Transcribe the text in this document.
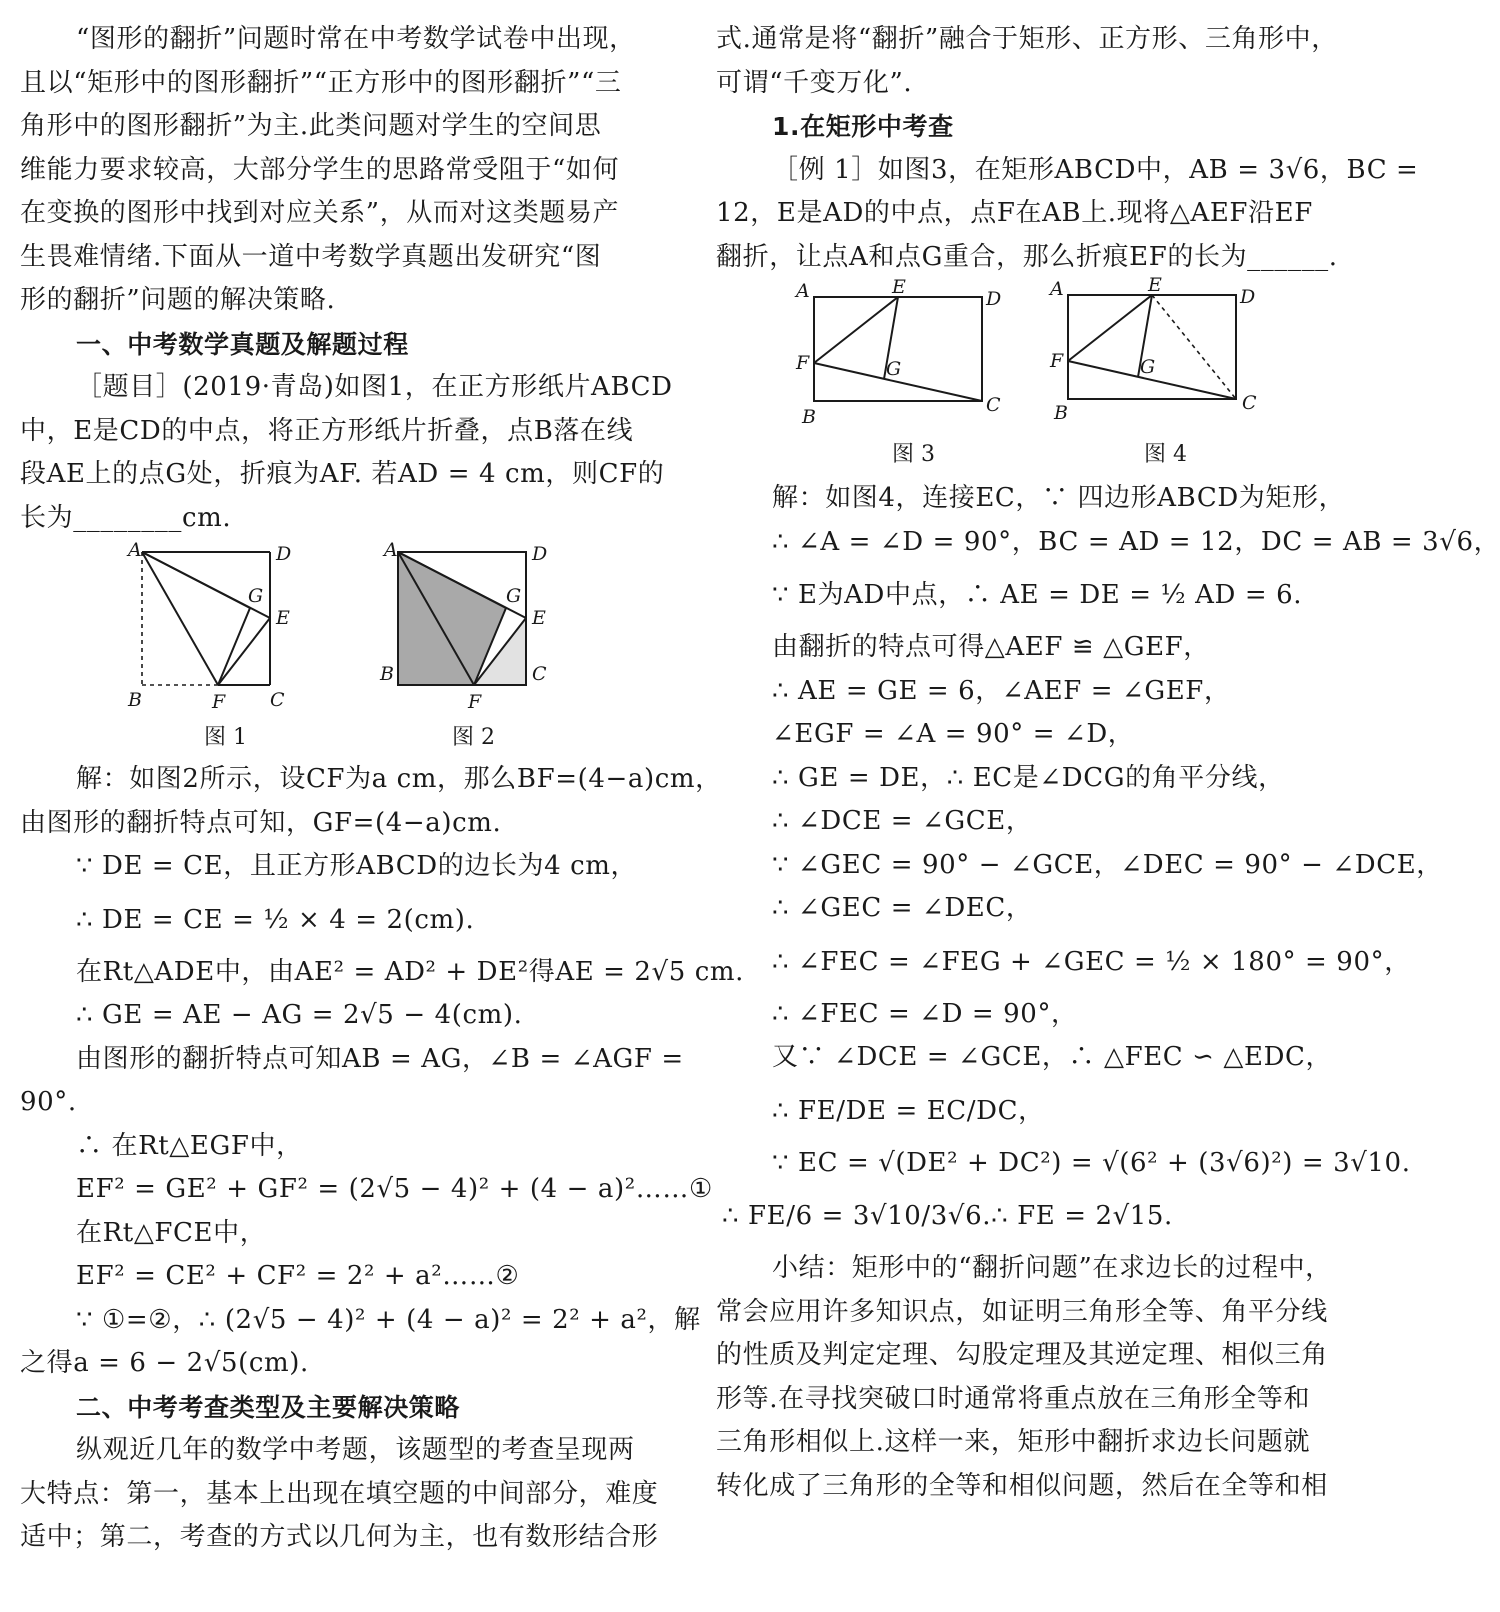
“图形的翻折”问题时常在中考数学试卷中出现，
且以“矩形中的图形翻折”“正方形中的图形翻折”“三
角形中的图形翻折”为主.此类问题对学生的空间思
维能力要求较高，大部分学生的思路常受阻于“如何
在变换的图形中找到对应关系”，从而对这类题易产
生畏难情绪.下面从一道中考数学真题出发研究“图
形的翻折”问题的解决策略.
一、中考数学真题及解题过程
［题目］(2019·青岛)如图1，在正方形纸片ABCD
中，E是CD的中点，将正方形纸片折叠，点B落在线
段AE上的点G处，折痕为AF. 若AD = 4 cm，则CF的
长为________cm.
A	D
G
E
B	F C
图 1
A	D
G
E
B
F
C
图 2
解：如图2所示，设CF为a cm，那么BF=(4−a)cm，
由图形的翻折特点可知，GF=(4−a)cm.
∵ DE = CE，且正方形ABCD的边长为4 cm，
∴ DE = CE = ½ × 4 = 2(cm).
在Rt△ADE中，由AE² = AD² + DE²得AE = 2√5 cm.
∴ GE = AE − AG = 2√5 − 4(cm).
由图形的翻折特点可知AB = AG，∠B = ∠AGF =
90°.
∴ 在Rt△EGF中，
EF² = GE² + GF² = (2√5 − 4)² + (4 − a)²……①
在Rt△FCE中，
EF² = CE² + CF² = 2² + a²……②
∵ ①=②，∴ (2√5 − 4)² + (4 − a)² = 2² + a²，解
之得a = 6 − 2√5(cm).
二、中考考查类型及主要解决策略
纵观近几年的数学中考题，该题型的考查呈现两
大特点：第一，基本上出现在填空题的中间部分，难度
适中；第二，考查的方式以几何为主，也有数形结合形
式.通常是将“翻折”融合于矩形、正方形、三角形中，
可谓“千变万化”.
1.在矩形中考查
［例 1］如图3，在矩形ABCD中，AB = 3√6，BC =
12，E是AD的中点，点F在AB上.现将△AEF沿EF
翻折，让点A和点G重合，那么折痕EF的长为______.
A	E
D
F	G
B
C
图 3
A	E
D
F	G
B	C
图 4
解：如图4，连接EC，∵ 四边形ABCD为矩形，
∴ ∠A = ∠D = 90°，BC = AD = 12，DC = AB = 3√6，
∵ E为AD中点，∴ AE = DE = ½ AD = 6.
由翻折的特点可得△AEF ≌ △GEF，
∴ AE = GE = 6，∠AEF = ∠GEF，
∠EGF = ∠A = 90° = ∠D，
∴ GE = DE，∴ EC是∠DCG的角平分线，
∴ ∠DCE = ∠GCE，
∵ ∠GEC = 90° − ∠GCE，∠DEC = 90° − ∠DCE，
∴ ∠GEC = ∠DEC，
∴ ∠FEC = ∠FEG + ∠GEC = ½ × 180° = 90°，
∴ ∠FEC = ∠D = 90°，
又∵ ∠DCE = ∠GCE，∴ △FEC ∽ △EDC，
∴ FE/DE = EC/DC，
∵ EC = √(DE² + DC²) = √(6² + (3√6)²) = 3√10.
∴ FE/6 = 3√10/3√6.∴ FE = 2√15.
小结：矩形中的“翻折问题”在求边长的过程中，
常会应用许多知识点，如证明三角形全等、角平分线
的性质及判定定理、勾股定理及其逆定理、相似三角
形等.在寻找突破口时通常将重点放在三角形全等和
三角形相似上.这样一来，矩形中翻折求边长问题就
转化成了三角形的全等和相似问题，然后在全等和相
